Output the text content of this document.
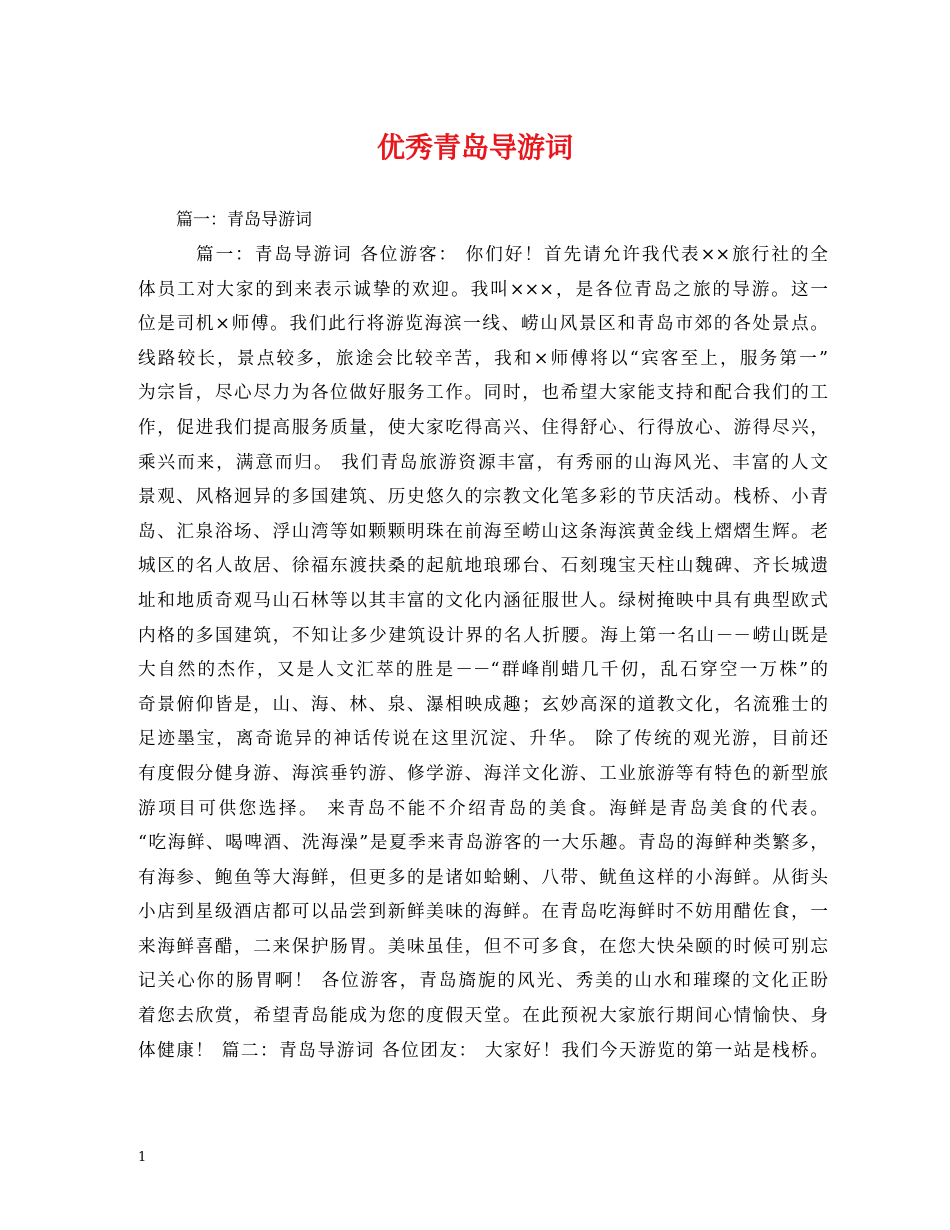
优秀青岛导游词
篇一：青岛导游词
篇一：青岛导游词 各位游客： 你们好！首先请允许我代表××旅行社的全
体员工对大家的到来表示诚挚的欢迎。我叫×××，是各位青岛之旅的导游。这一
位是司机×师傅。我们此行将游览海滨一线、崂山风景区和青岛市郊的各处景点。
线路较长，景点较多，旅途会比较辛苦，我和×师傅将以“宾客至上，服务第一”
为宗旨，尽心尽力为各位做好服务工作。同时，也希望大家能支持和配合我们的工
作，促进我们提高服务质量，使大家吃得高兴、住得舒心、行得放心、游得尽兴，
乘兴而来，满意而归。 我们青岛旅游资源丰富，有秀丽的山海风光、丰富的人文
景观、风格迥异的多国建筑、历史悠久的宗教文化笔多彩的节庆活动。栈桥、小青
岛、汇泉浴场、浮山湾等如颗颗明珠在前海至崂山这条海滨黄金线上熠熠生辉。老
城区的名人故居、徐福东渡扶桑的起航地琅琊台、石刻瑰宝天柱山魏碑、齐长城遗
址和地质奇观马山石林等以其丰富的文化内涵征服世人。绿树掩映中具有典型欧式
内格的多国建筑，不知让多少建筑设计界的名人折腰。海上第一名山－－崂山既是
大自然的杰作，又是人文汇萃的胜是－－“群峰削蜡几千仞，乱石穿空一万株”的
奇景俯仰皆是，山、海、林、泉、瀑相映成趣；玄妙高深的道教文化，名流雅士的
足迹墨宝，离奇诡异的神话传说在这里沉淀、升华。 除了传统的观光游，目前还
有度假分健身游、海滨垂钓游、修学游、海洋文化游、工业旅游等有特色的新型旅
游项目可供您选择。 来青岛不能不介绍青岛的美食。海鲜是青岛美食的代表。
“吃海鲜、喝啤酒、洗海澡”是夏季来青岛游客的一大乐趣。青岛的海鲜种类繁多，
有海参、鲍鱼等大海鲜，但更多的是诸如蛤蜊、八带、鱿鱼这样的小海鲜。从街头
小店到星级酒店都可以品尝到新鲜美味的海鲜。在青岛吃海鲜时不妨用醋佐食，一
来海鲜喜醋，二来保护肠胃。美味虽佳，但不可多食，在您大快朵颐的时候可别忘
记关心你的肠胃啊！ 各位游客，青岛旖旎的风光、秀美的山水和璀璨的文化正盼
着您去欣赏，希望青岛能成为您的度假天堂。在此预祝大家旅行期间心情愉快、身
体健康！ 篇二：青岛导游词 各位团友： 大家好！我们今天游览的第一站是栈桥。
1
